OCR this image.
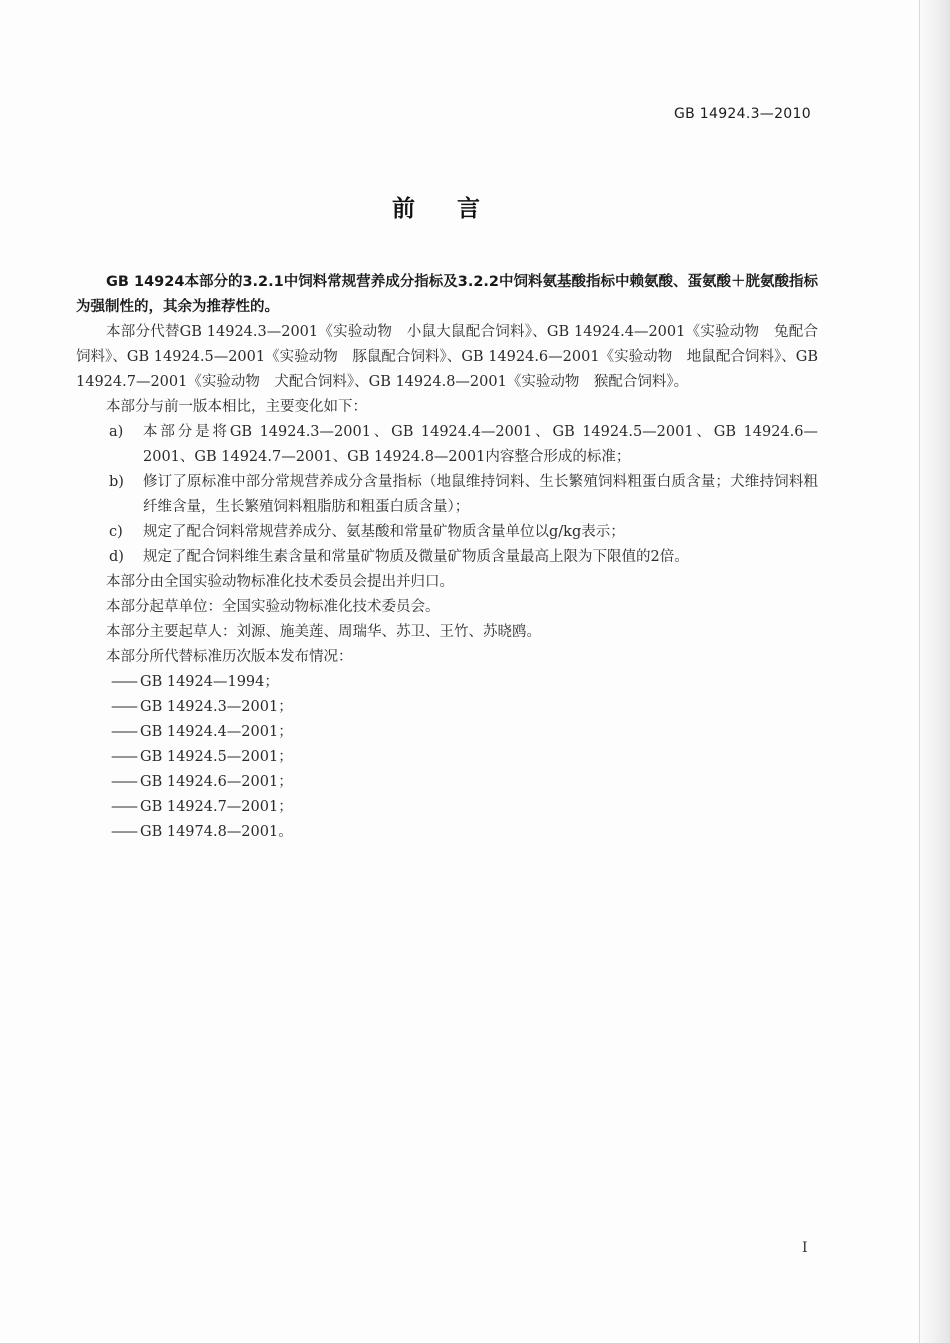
GB 14924.3—2010
前言

GB 14924本部分的3.2.1中饲料常规营养成分指标及3.2.2中饲料氨基酸指标中赖氨酸、蛋氨酸＋胱氨酸指标为强制性的，其余为推荐性的。

本部分代替GB 14924.3—2001《实验动物　小鼠大鼠配合饲料》、GB 14924.4—2001《实验动物　兔配合饲料》、GB 14924.5—2001《实验动物　豚鼠配合饲料》、GB 14924.6—2001《实验动物　地鼠配合饲料》、GB 14924.7—2001《实验动物　犬配合饲料》、GB 14924.8—2001《实验动物　猴配合饲料》。

本部分与前一版本相比，主要变化如下：

a) 本部分是将GB 14924.3—2001、GB 14924.4—2001、GB 14924.5—2001、GB 14924.6—2001、GB 14924.7—2001、GB 14924.8—2001内容整合形成的标准；

b) 修订了原标准中部分常规营养成分含量指标（地鼠维持饲料、生长繁殖饲料粗蛋白质含量；犬维持饲料粗纤维含量，生长繁殖饲料粗脂肪和粗蛋白质含量）；

c) 规定了配合饲料常规营养成分、氨基酸和常量矿物质含量单位以g/kg表示；

d) 规定了配合饲料维生素含量和常量矿物质及微量矿物质含量最高上限为下限值的2倍。

本部分由全国实验动物标准化技术委员会提出并归口。

本部分起草单位：全国实验动物标准化技术委员会。

本部分主要起草人：刘源、施美莲、周瑞华、苏卫、王竹、苏晓鸥。

本部分所代替标准历次版本发布情况：

—— GB 14924—1994；

—— GB 14924.3—2001；

—— GB 14924.4—2001；

—— GB 14924.5—2001；

—— GB 14924.6—2001；

—— GB 14924.7—2001；

—— GB 14974.8—2001。

I
